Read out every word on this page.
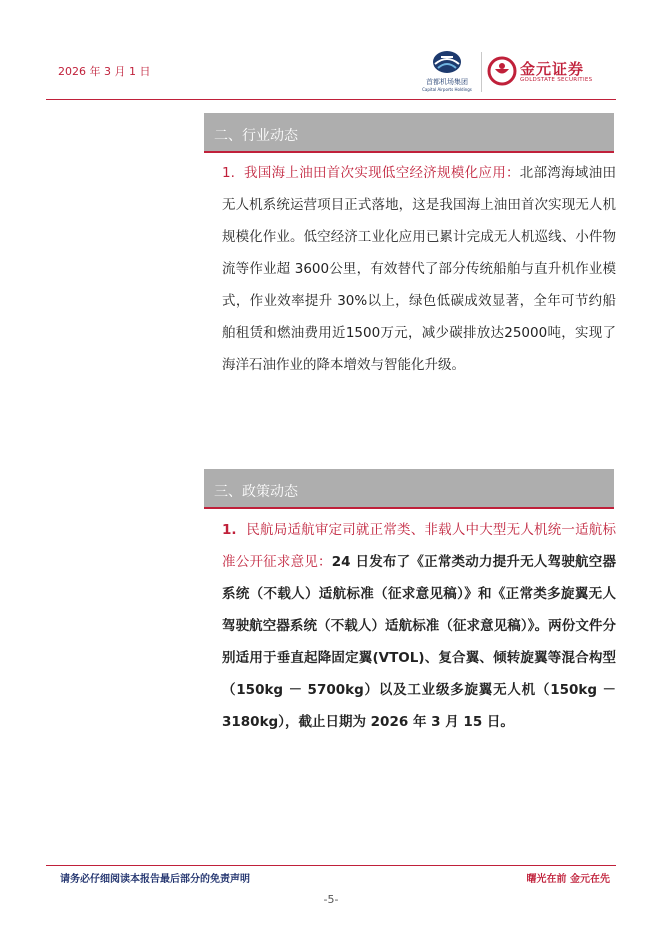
2026 年 3 月 1 日
首都机场集团
Capital Airports Holdings
金元证券
GOLDSTATE SECURITIES
二、行业动态
1. 我国海上油田首次实现低空经济规模化应用：北部湾海域油田无人机系统运营项目正式落地，这是我国海上油田首次实现无人机规模化作业。低空经济工业化应用已累计完成无人机巡线、小件物流等作业超 3600公里，有效替代了部分传统船舶与直升机作业模式，作业效率提升 30%以上，绿色低碳成效显著，全年可节约船舶租赁和燃油费用近1500万元，减少碳排放达25000吨，实现了海洋石油作业的降本增效与智能化升级。
三、政策动态
1. 民航局适航审定司就正常类、非载人中大型无人机统一适航标准公开征求意见：24 日发布了《正常类动力提升无人驾驶航空器系统（不载人）适航标准（征求意见稿）》和《正常类多旋翼无人驾驶航空器系统（不载人）适航标准（征求意见稿）》。两份文件分别适用于垂直起降固定翼(VTOL)、复合翼、倾转旋翼等混合构型（150kg － 5700kg）以及工业级多旋翼无人机（150kg － 3180kg），截止日期为 2026 年 3 月 15 日。
请务必仔细阅读本报告最后部分的免责声明	曙光在前 金元在先
-5-
